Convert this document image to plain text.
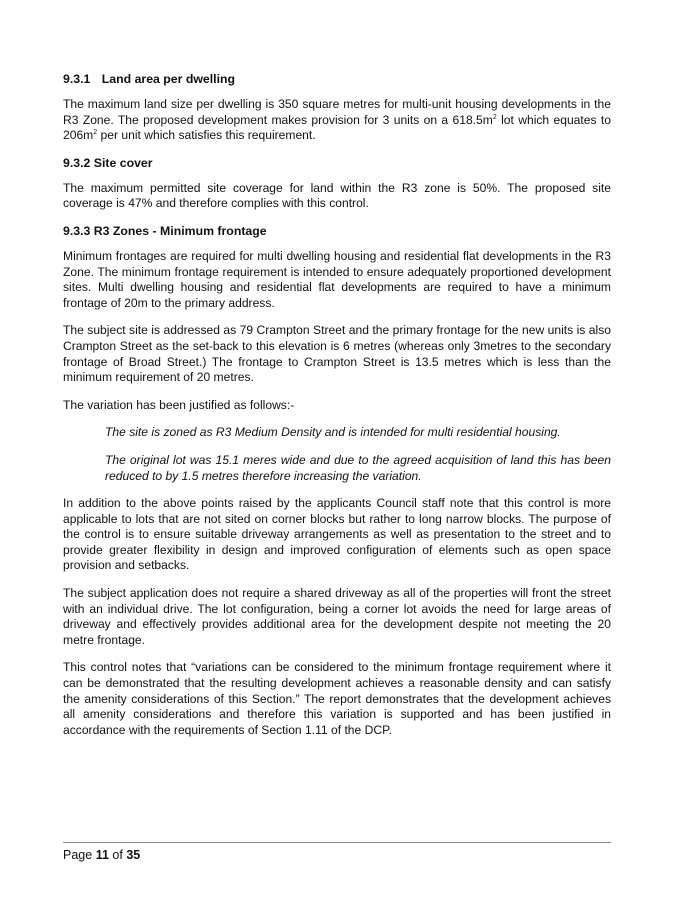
9.3.1 Land area per dwelling

The maximum land size per dwelling is 350 square metres for multi-unit housing developments in the R3 Zone. The proposed development makes provision for 3 units on a $618.5m^2$ lot which equates to $206m^2$ per unit which satisfies this requirement.

9.3.2 Site cover

The maximum permitted site coverage for land within the R3 zone is 50%. The proposed site coverage is 47% and therefore complies with this control.

9.3.3 R3 Zones - Minimum frontage

Minimum frontages are required for multi dwelling housing and residential flat developments in the R3 Zone. The minimum frontage requirement is intended to ensure adequately proportioned development sites. Multi dwelling housing and residential flat developments are required to have a minimum frontage of 20m to the primary address.

The subject site is addressed as 79 Crampton Street and the primary frontage for the new units is also Crampton Street as the set-back to this elevation is 6 metres (whereas only 3metres to the secondary frontage of Broad Street.) The frontage to Crampton Street is 13.5 metres which is less than the minimum requirement of 20 metres.

The variation has been justified as follows:-

The site is zoned as R3 Medium Density and is intended for multi residential housing.

The original lot was 15.1 meres wide and due to the agreed acquisition of land this has been reduced to by 1.5 metres therefore increasing the variation.

In addition to the above points raised by the applicants Council staff note that this control is more applicable to lots that are not sited on corner blocks but rather to long narrow blocks. The purpose of the control is to ensure suitable driveway arrangements as well as presentation to the street and to provide greater flexibility in design and improved configuration of elements such as open space provision and setbacks.

The subject application does not require a shared driveway as all of the properties will front the street with an individual drive. The lot configuration, being a corner lot avoids the need for large areas of driveway and effectively provides additional area for the development despite not meeting the 20 metre frontage.

This control notes that “variations can be considered to the minimum frontage requirement where it can be demonstrated that the resulting development achieves a reasonable density and can satisfy the amenity considerations of this Section.” The report demonstrates that the development achieves all amenity considerations and therefore this variation is supported and has been justified in accordance with the requirements of Section 1.11 of the DCP.

Page 11 of 35
